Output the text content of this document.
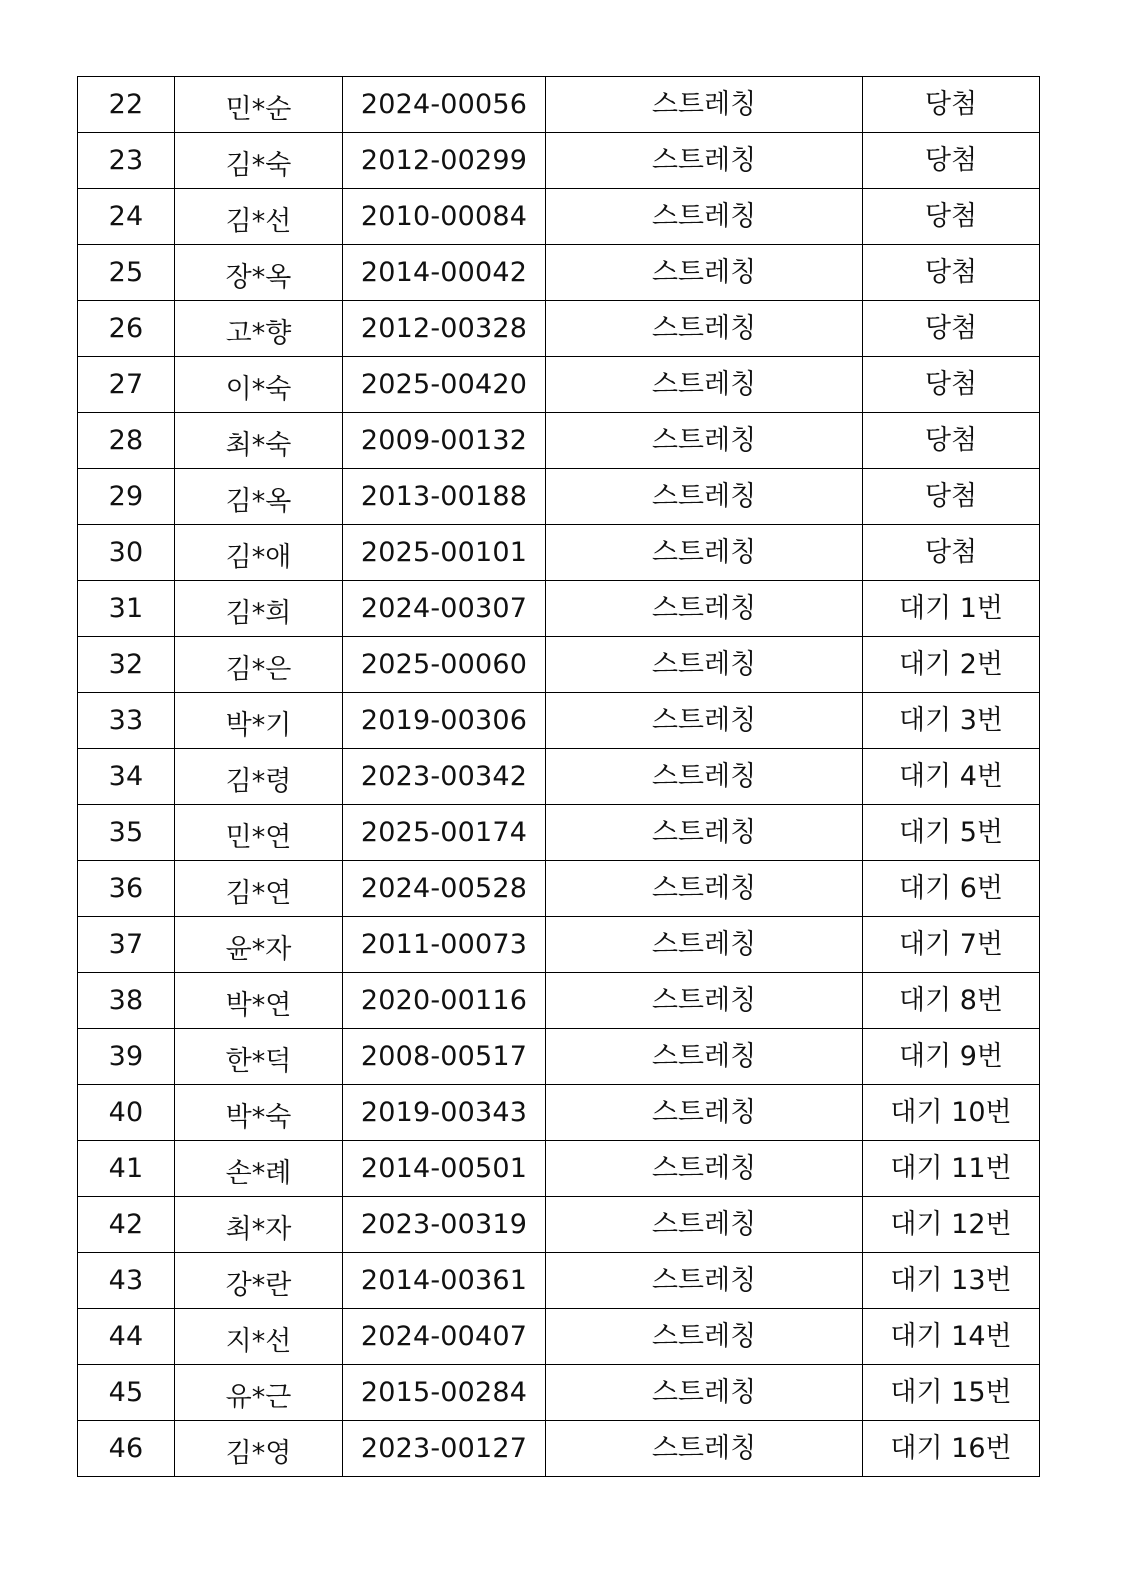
22	민*순	2024-00056	스트레칭	당첨
23	김*숙	2012-00299	스트레칭	당첨
24	김*선	2010-00084	스트레칭	당첨
25	장*옥	2014-00042	스트레칭	당첨
26	고*향	2012-00328	스트레칭	당첨
27	이*숙	2025-00420	스트레칭	당첨
28	최*숙	2009-00132	스트레칭	당첨
29	김*옥	2013-00188	스트레칭	당첨
30	김*애	2025-00101	스트레칭	당첨
31	김*희	2024-00307	스트레칭	대기 1번
32	김*은	2025-00060	스트레칭	대기 2번
33	박*기	2019-00306	스트레칭	대기 3번
34	김*령	2023-00342	스트레칭	대기 4번
35	민*연	2025-00174	스트레칭	대기 5번
36	김*연	2024-00528	스트레칭	대기 6번
37	윤*자	2011-00073	스트레칭	대기 7번
38	박*연	2020-00116	스트레칭	대기 8번
39	한*덕	2008-00517	스트레칭	대기 9번
40	박*숙	2019-00343	스트레칭	대기 10번
41	손*례	2014-00501	스트레칭	대기 11번
42	최*자	2023-00319	스트레칭	대기 12번
43	강*란	2014-00361	스트레칭	대기 13번
44	지*선	2024-00407	스트레칭	대기 14번
45	유*근	2015-00284	스트레칭	대기 15번
46	김*영	2023-00127	스트레칭	대기 16번
